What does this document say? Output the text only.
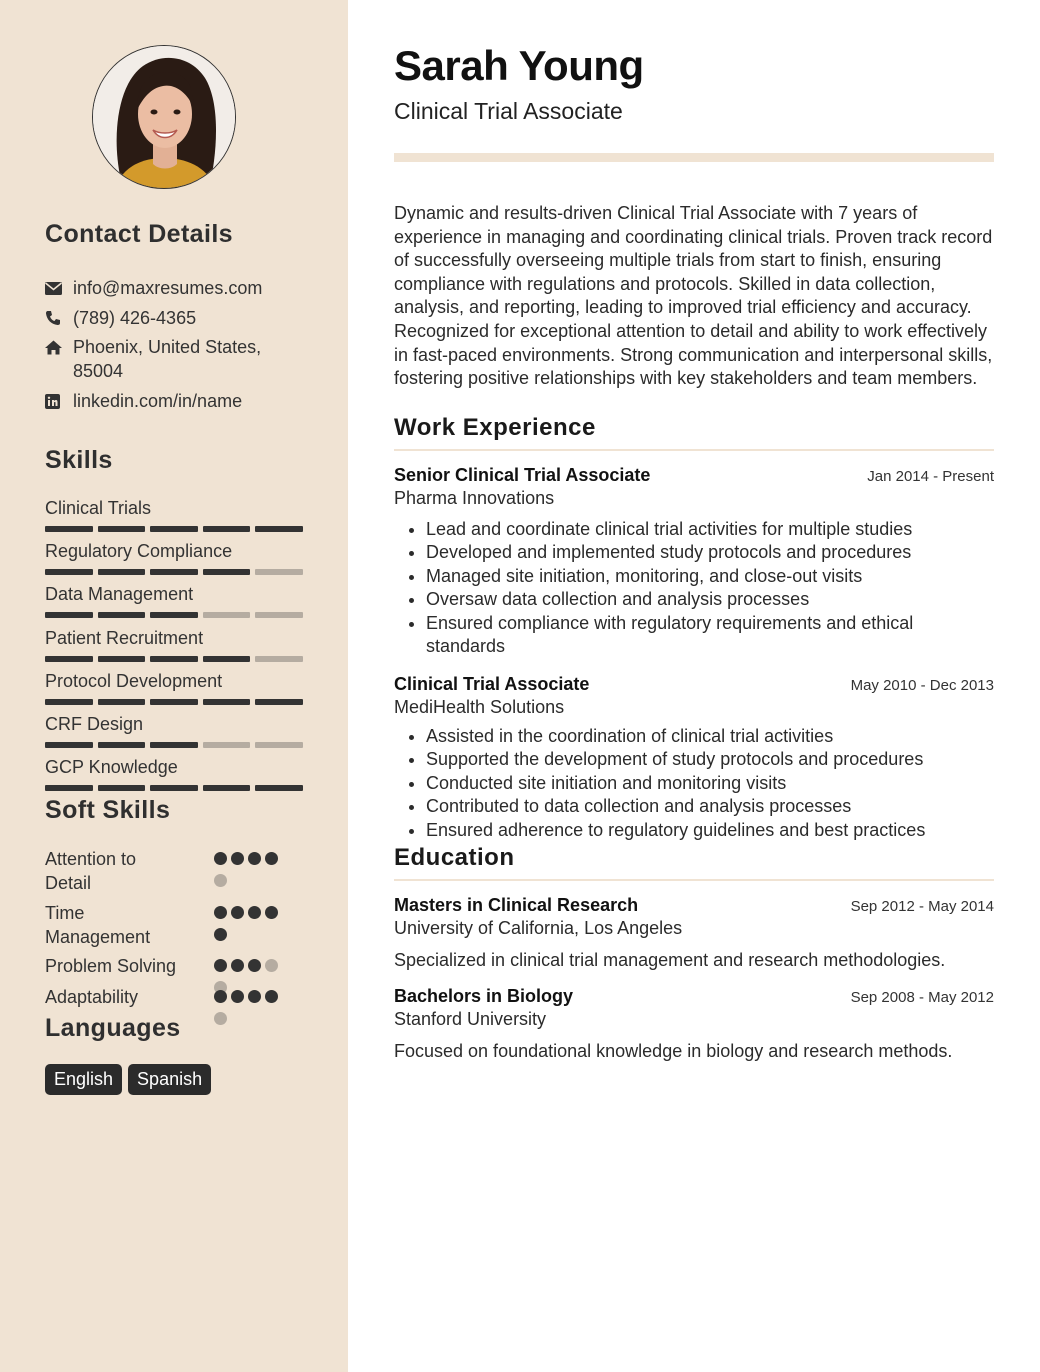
Contact Details
info@maxresumes.com
(789) 426-4365
Phoenix, United States, 85004
linkedin.com/in/name
Skills
Clinical Trials
Regulatory Compliance
Data Management
Patient Recruitment
Protocol Development
CRF Design
GCP Knowledge
Soft Skills
Attention to Detail
Time Management
Problem Solving
Adaptability
Languages
English	Spanish
Sarah Young
Clinical Trial Associate

Dynamic and results-driven Clinical Trial Associate with 7 years of experience in managing and coordinating clinical trials. Proven track record of successfully overseeing multiple trials from start to finish, ensuring compliance with regulations and protocols. Skilled in data collection, analysis, and reporting, leading to improved trial efficiency and accuracy. Recognized for exceptional attention to detail and ability to work effectively in fast-paced environments. Strong communication and interpersonal skills, fostering positive relationships with key stakeholders and team members.

Work Experience
Senior Clinical Trial Associate	Jan 2014 - Present
Pharma Innovations
• Lead and coordinate clinical trial activities for multiple studies
• Developed and implemented study protocols and procedures
• Managed site initiation, monitoring, and close-out visits
• Oversaw data collection and analysis processes
• Ensured compliance with regulatory requirements and ethical standards
Clinical Trial Associate	May 2010 - Dec 2013
MediHealth Solutions
• Assisted in the coordination of clinical trial activities
• Supported the development of study protocols and procedures
• Conducted site initiation and monitoring visits
• Contributed to data collection and analysis processes
• Ensured adherence to regulatory guidelines and best practices
Education
Masters in Clinical Research	Sep 2012 - May 2014
University of California, Los Angeles
Specialized in clinical trial management and research methodologies.
Bachelors in Biology	Sep 2008 - May 2012
Stanford University
Focused on foundational knowledge in biology and research methods.
